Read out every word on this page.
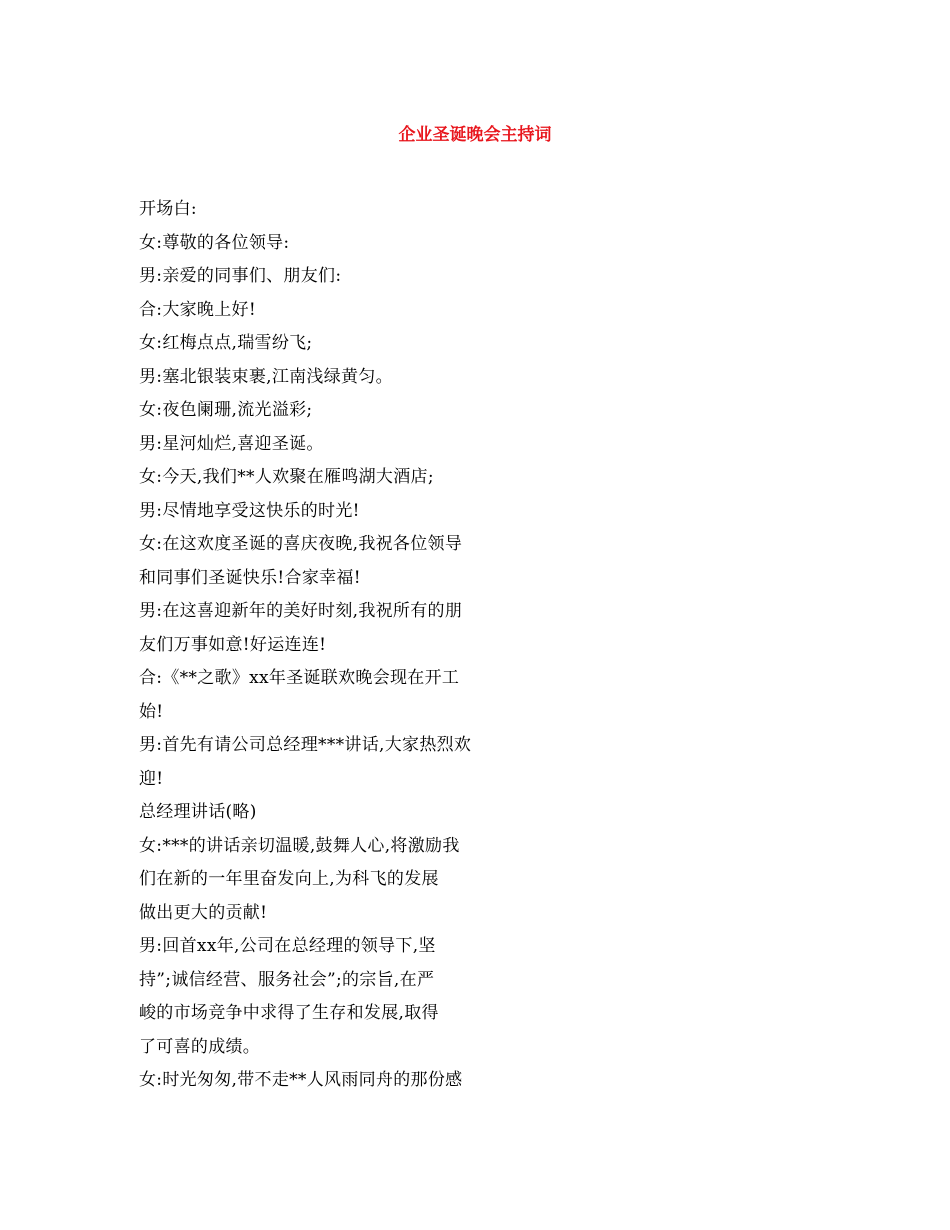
企业圣诞晚会主持词
开场白:
女:尊敬的各位领导:
男:亲爱的同事们、朋友们:
合:大家晚上好!
女:红梅点点,瑞雪纷飞;
男:塞北银装束裹,江南浅绿黄匀。
女:夜色阑珊,流光溢彩;
男:星河灿烂,喜迎圣诞。
女:今天,我们**人欢聚在雁鸣湖大酒店;
男:尽情地享受这快乐的时光!
女:在这欢度圣诞的喜庆夜晚,我祝各位领导
和同事们圣诞快乐!合家幸福!
男:在这喜迎新年的美好时刻,我祝所有的朋
友们万事如意!好运连连!
合:《**之歌》xx年圣诞联欢晚会现在开工
始!
男:首先有请公司总经理***讲话,大家热烈欢
迎!
总经理讲话(略)
女:***的讲话亲切温暖,鼓舞人心,将激励我
们在新的一年里奋发向上,为科飞的发展
做出更大的贡献!
男:回首xx年,公司在总经理的领导下,坚
持”;诚信经营、服务社会”;的宗旨,在严
峻的市场竞争中求得了生存和发展,取得
了可喜的成绩。
女:时光匆匆,带不走**人风雨同舟的那份感
